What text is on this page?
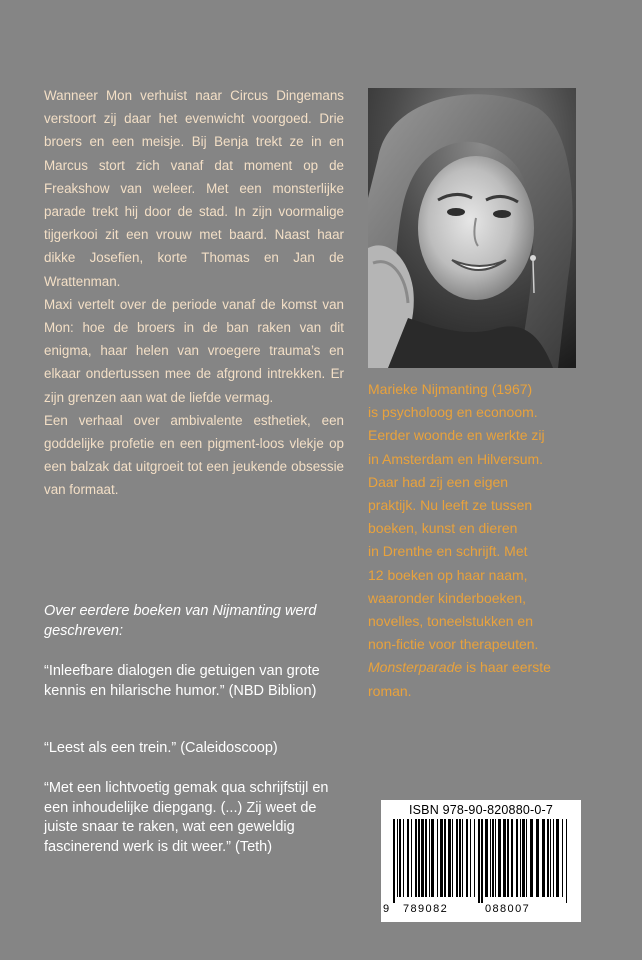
Wanneer Mon verhuist naar Circus Dingemans verstoort zij daar het evenwicht voorgoed. Drie broers en een meisje. Bij Benja trekt ze in en Marcus stort zich vanaf dat moment op de Freakshow van weleer. Met een monsterlijke parade trekt hij door de stad. In zijn voormalige tijgerkooi zit een vrouw met baard. Naast haar dikke Josefien, korte Thomas en Jan de Wrattenman.

Maxi vertelt over de periode vanaf de komst van Mon: hoe de broers in de ban raken van dit enigma, haar helen van vroegere trauma’s en elkaar ondertussen mee de afgrond intrekken. Er zijn grenzen aan wat de liefde vermag.

Een verhaal over ambivalente esthetiek, een goddelijke profetie en een pigment-loos vlekje op een balzak dat uitgroeit tot een jeukende obsessie van formaat.

Over eerdere boeken van Nijmanting werd geschreven:
“Inleefbare dialogen die getuigen van grote kennis en hilarische humor.” (NBD Biblion)
“Leest als een trein.” (Caleidoscoop)
“Met een lichtvoetig gemak qua schrijfstijl en een inhoudelijke diepgang. (...) Zij weet de juiste snaar te raken, wat een geweldig fascinerend werk is dit weer.” (Teth)
Marieke Nijmanting (1967)
is psycholoog en econoom.
Eerder woonde en werkte zij
in Amsterdam en Hilversum.
Daar had zij een eigen
praktijk. Nu leeft ze tussen
boeken, kunst en dieren
in Drenthe en schrijft. Met
12 boeken op haar naam,
waaronder kinderboeken,
novelles, toneelstukken en
non-fictie voor therapeuten.
Monsterparade is haar eerste
roman.
ISBN 978-90-820880-0-7
9 789082	088007
